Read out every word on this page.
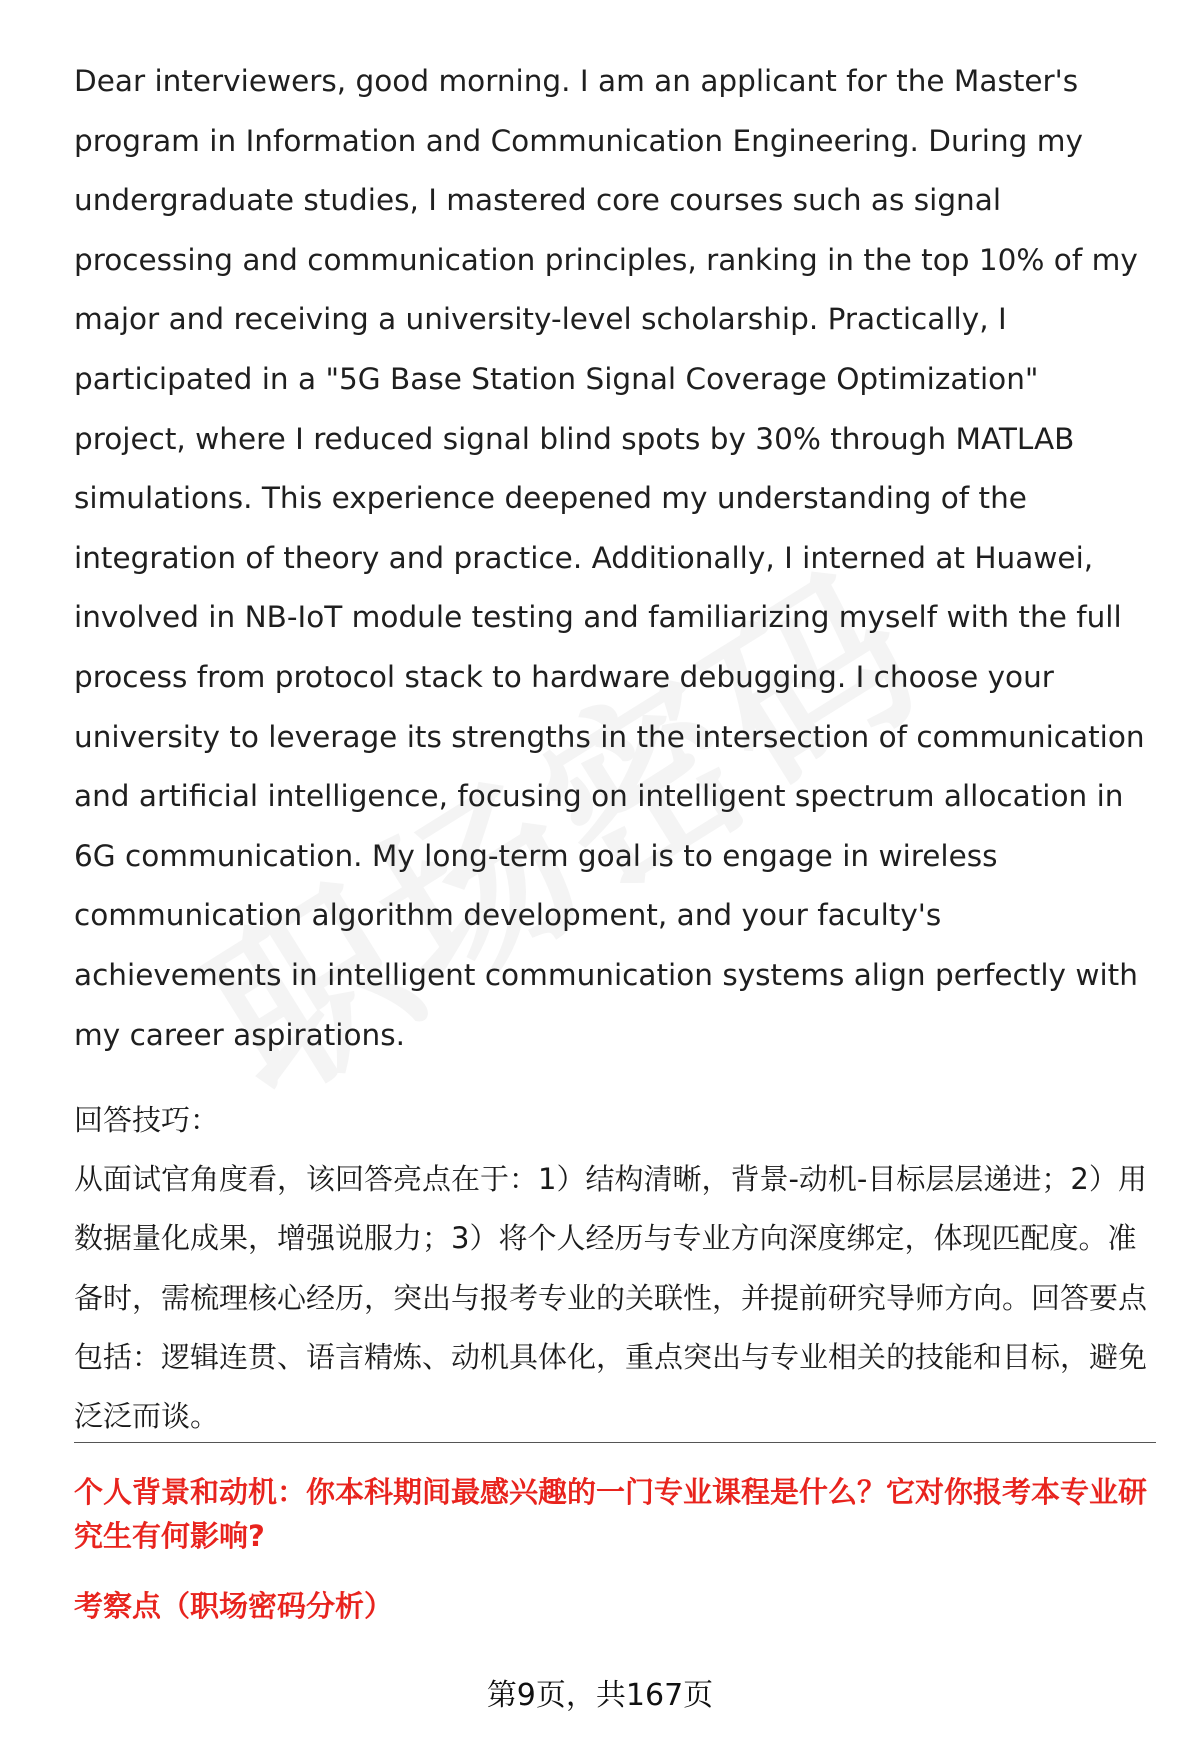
Dear interviewers, good morning. I am an applicant for the Master's program in Information and Communication Engineering. During my undergraduate studies, I mastered core courses such as signal processing and communication principles, ranking in the top 10% of my major and receiving a university-level scholarship. Practically, I participated in a "5G Base Station Signal Coverage Optimization" project, where I reduced signal blind spots by 30% through MATLAB simulations. This experience deepened my understanding of the integration of theory and practice. Additionally, I interned at Huawei, involved in NB-IoT module testing and familiarizing myself with the full process from protocol stack to hardware debugging. I choose your university to leverage its strengths in the intersection of communication and artificial intelligence, focusing on intelligent spectrum allocation in 6G communication. My long-term goal is to engage in wireless communication algorithm development, and your faculty's achievements in intelligent communication systems align perfectly with my career aspirations.

回答技巧：

从面试官角度看，该回答亮点在于：1）结构清晰，背景-动机-目标层层递进；2）用数据量化成果，增强说服力；3）将个人经历与专业方向深度绑定，体现匹配度。准备时，需梳理核心经历，突出与报考专业的关联性，并提前研究导师方向。回答要点包括：逻辑连贯、语言精炼、动机具体化，重点突出与专业相关的技能和目标，避免泛泛而谈。

个人背景和动机：你本科期间最感兴趣的一门专业课程是什么？它对你报考本专业研究生有何影响?

考察点（职场密码分析）

第9页，共167页
